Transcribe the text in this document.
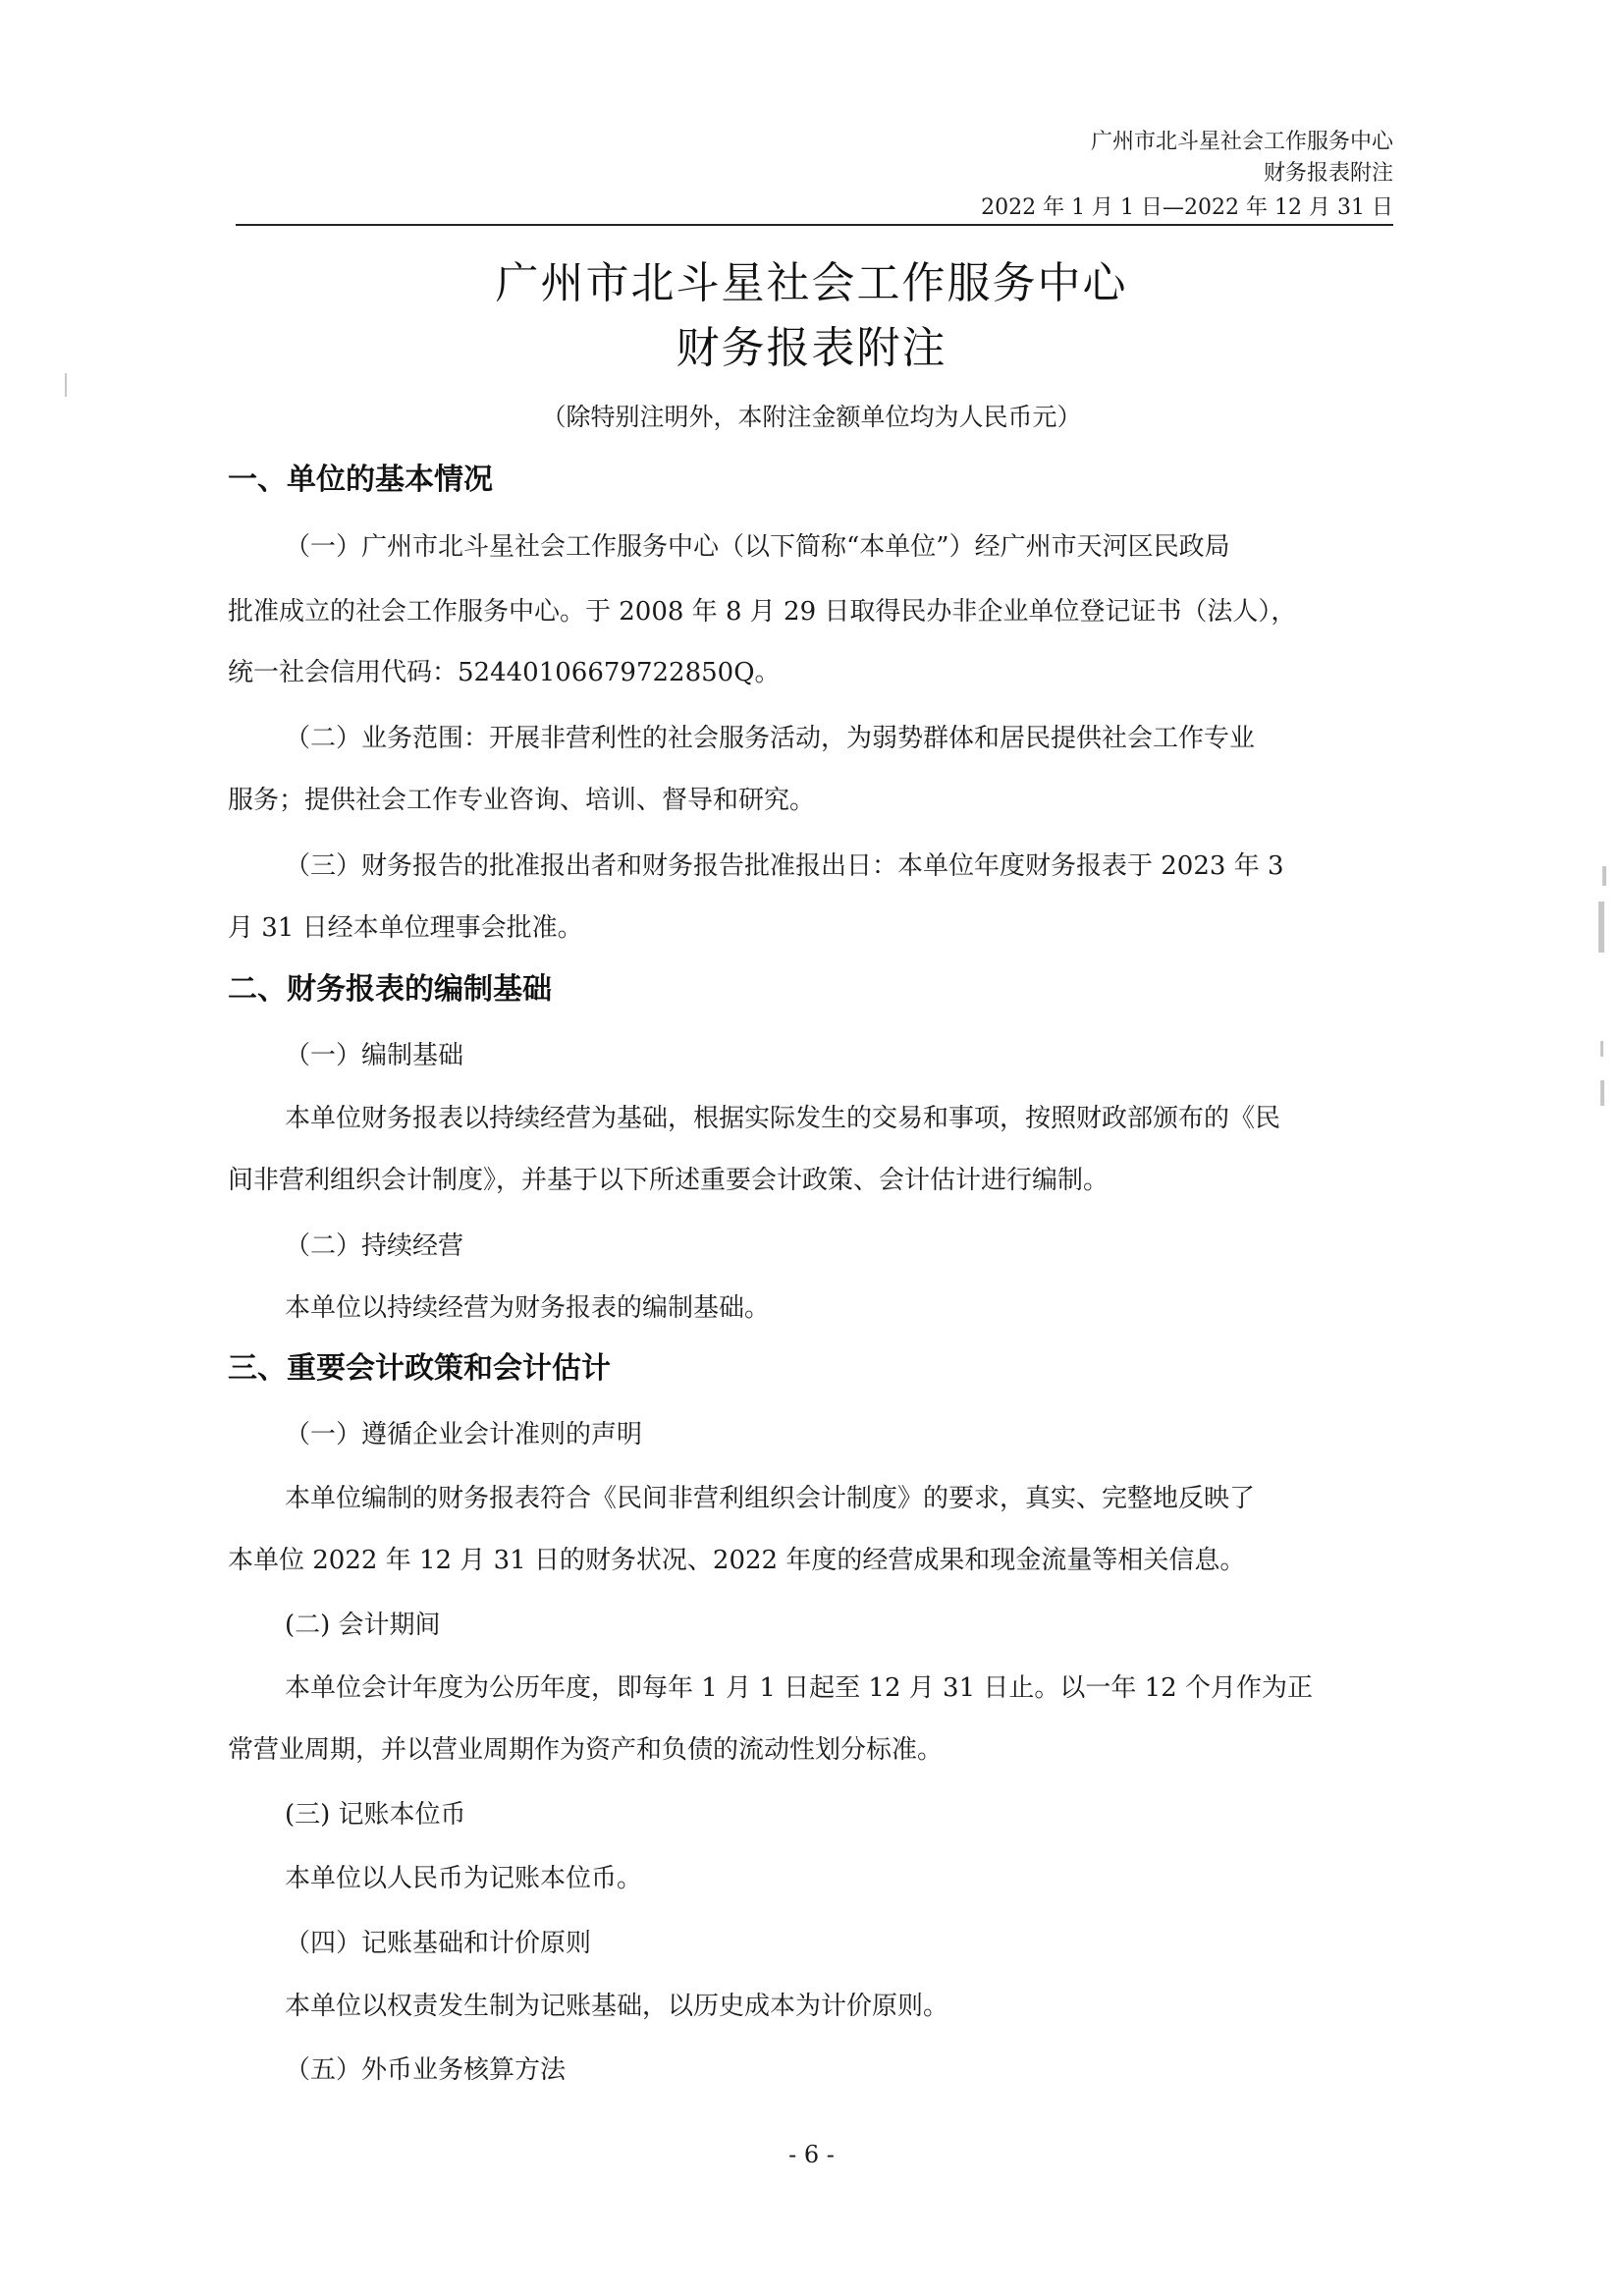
广州市北斗星社会工作服务中心
财务报表附注
2022 年 1 月 1 日—2022 年 12 月 31 日
广州市北斗星社会工作服务中心
财务报表附注
（除特别注明外，本附注金额单位均为人民币元）
一、单位的基本情况
（一）广州市北斗星社会工作服务中心（以下简称“本单位”）经广州市天河区民政局
批准成立的社会工作服务中心。于 2008 年 8 月 29 日取得民办非企业单位登记证书（法人），
统一社会信用代码：52440106679722850Q。
（二）业务范围：开展非营利性的社会服务活动，为弱势群体和居民提供社会工作专业
服务；提供社会工作专业咨询、培训、督导和研究。
（三）财务报告的批准报出者和财务报告批准报出日：本单位年度财务报表于 2023 年 3
月 31 日经本单位理事会批准。
二、财务报表的编制基础
（一）编制基础
本单位财务报表以持续经营为基础，根据实际发生的交易和事项，按照财政部颁布的《民
间非营利组织会计制度》，并基于以下所述重要会计政策、会计估计进行编制。
（二）持续经营
本单位以持续经营为财务报表的编制基础。
三、重要会计政策和会计估计
（一）遵循企业会计准则的声明
本单位编制的财务报表符合《民间非营利组织会计制度》的要求，真实、完整地反映了
本单位 2022 年 12 月 31 日的财务状况、2022 年度的经营成果和现金流量等相关信息。
(二) 会计期间
本单位会计年度为公历年度，即每年 1 月 1 日起至 12 月 31 日止。以一年 12 个月作为正
常营业周期，并以营业周期作为资产和负债的流动性划分标准。
(三) 记账本位币
本单位以人民币为记账本位币。
（四）记账基础和计价原则
本单位以权责发生制为记账基础，以历史成本为计价原则。
（五）外币业务核算方法
- 6 -
